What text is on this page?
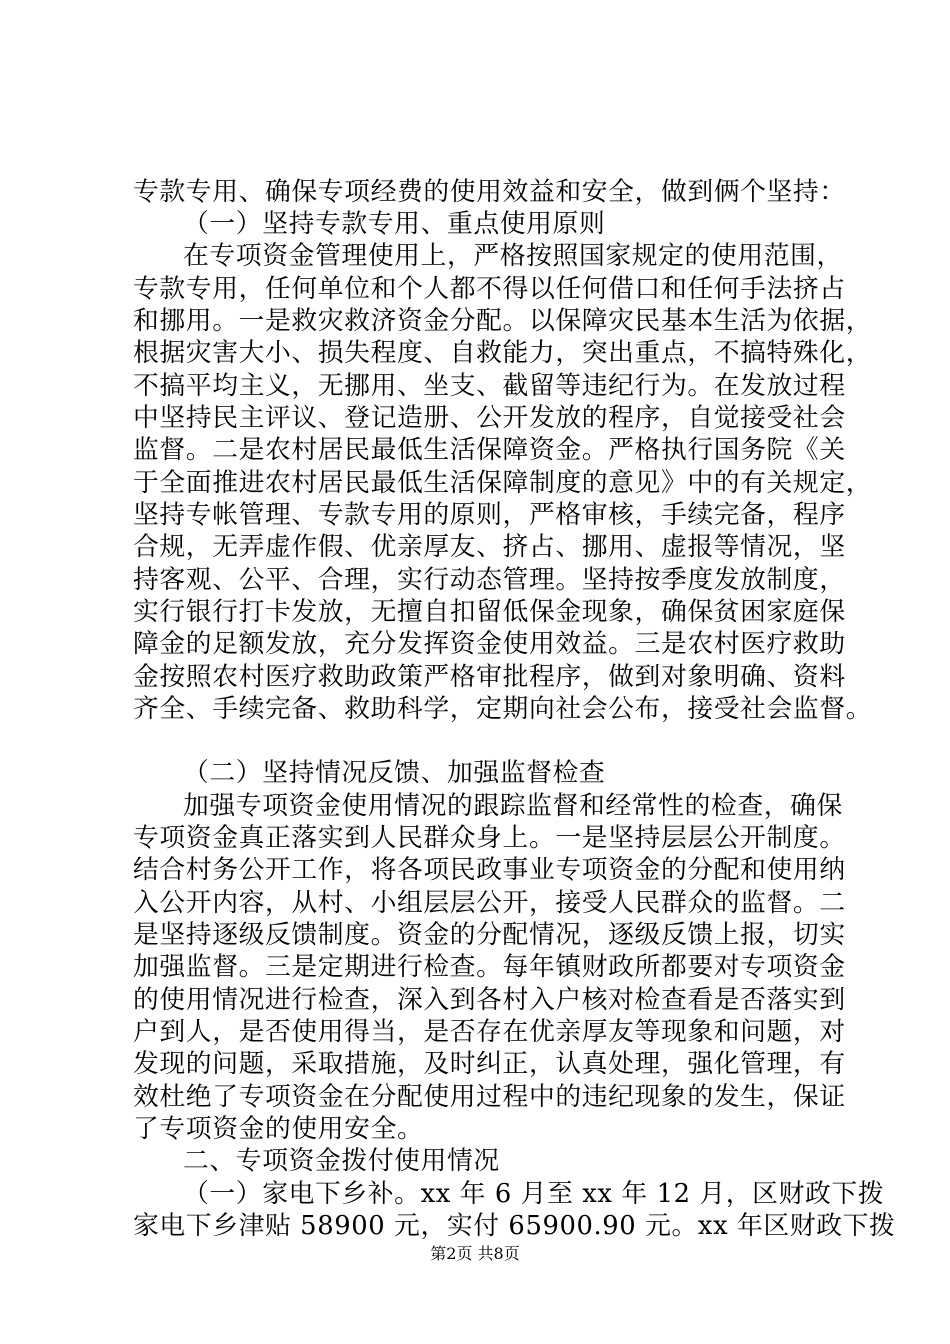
专款专用、确保专项经费的使用效益和安全，做到俩个坚持：
（一）坚持专款专用、重点使用原则
在专项资金管理使用上，严格按照国家规定的使用范围，
专款专用，任何单位和个人都不得以任何借口和任何手法挤占
和挪用。一是救灾救济资金分配。以保障灾民基本生活为依据，
根据灾害大小、损失程度、自救能力，突出重点，不搞特殊化，
不搞平均主义，无挪用、坐支、截留等违纪行为。在发放过程
中坚持民主评议、登记造册、公开发放的程序，自觉接受社会
监督。二是农村居民最低生活保障资金。严格执行国务院《关
于全面推进农村居民最低生活保障制度的意见》中的有关规定，
坚持专帐管理、专款专用的原则，严格审核，手续完备，程序
合规，无弄虚作假、优亲厚友、挤占、挪用、虚报等情况，坚
持客观、公平、合理，实行动态管理。坚持按季度发放制度，
实行银行打卡发放，无擅自扣留低保金现象，确保贫困家庭保
障金的足额发放，充分发挥资金使用效益。三是农村医疗救助
金按照农村医疗救助政策严格审批程序，做到对象明确、资料
齐全、手续完备、救助科学，定期向社会公布，接受社会监督。
（二）坚持情况反馈、加强监督检查
加强专项资金使用情况的跟踪监督和经常性的检查，确保
专项资金真正落实到人民群众身上。一是坚持层层公开制度。
结合村务公开工作，将各项民政事业专项资金的分配和使用纳
入公开内容，从村、小组层层公开，接受人民群众的监督。二
是坚持逐级反馈制度。资金的分配情况，逐级反馈上报，切实
加强监督。三是定期进行检查。每年镇财政所都要对专项资金
的使用情况进行检查，深入到各村入户核对检查看是否落实到
户到人，是否使用得当，是否存在优亲厚友等现象和问题，对
发现的问题，采取措施，及时纠正，认真处理，强化管理，有
效杜绝了专项资金在分配使用过程中的违纪现象的发生，保证
了专项资金的使用安全。
二、专项资金拨付使用情况
（一）家电下乡补。xx 年 6 月至 xx 年 12 月，区财政下拨
家电下乡津贴 58900 元，实付 65900.90 元。xx 年区财政下拨
第2页 共8页
